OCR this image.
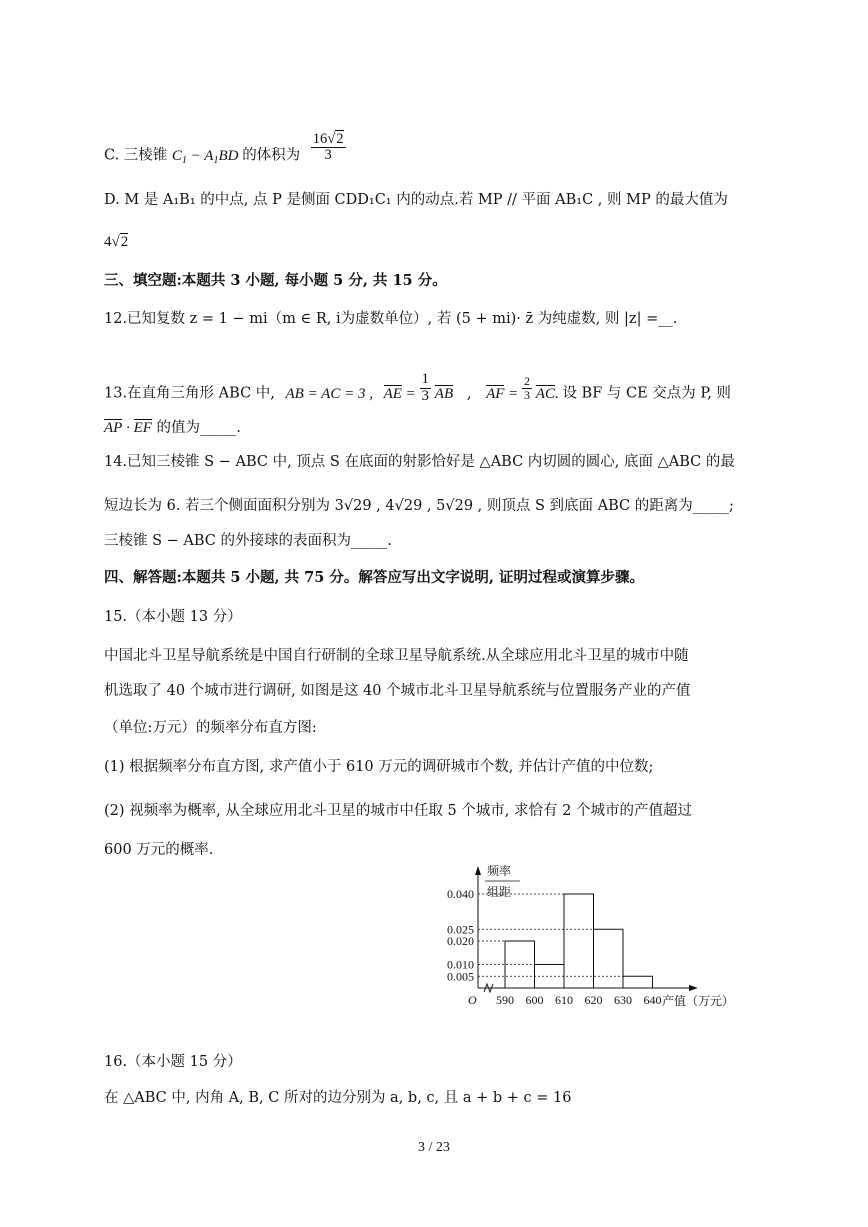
C. 三棱锥 $C_1 - A_1BD$ 的体积为 $\frac{16√2}{3}$
D. M 是 A₁B₁ 的中点, 点 P 是侧面 CDD₁C₁ 内的动点.若 MP // 平面 AB₁C , 则 MP 的最大值为
4√2
三、填空题:本题共 3 小题, 每小题 5 分, 共 15 分。
12.已知复数 z = 1 − mi（m ∈ R, i为虚数单位）, 若 (5 + mi)· z̄ 为纯虚数, 则 |z| =__.
13.在直角三角形 ABC 中, AB = AC = 3 , AE = $\frac{1}{3}$ AB , AF = $\frac{2}{3}$ AC. 设 BF 与 CE 交点为 P, 则
AP · EF 的值为_____.
14.已知三棱锥 S − ABC 中, 顶点 S 在底面的射影恰好是 △ABC 内切圆的圆心, 底面 △ABC 的最
短边长为 6. 若三个侧面面积分别为 3√29 , 4√29 , 5√29 , 则顶点 S 到底面 ABC 的距离为_____;
三棱锥 S − ABC 的外接球的表面积为_____.
四、解答题:本题共 5 小题, 共 75 分。解答应写出文字说明, 证明过程或演算步骤。
15.（本小题 13 分）
中国北斗卫星导航系统是中国自行研制的全球卫星导航系统.从全球应用北斗卫星的城市中随
机选取了 40 个城市进行调研, 如图是这 40 个城市北斗卫星导航系统与位置服务产业的产值
（单位:万元）的频率分布直方图:
(1) 根据频率分布直方图, 求产值小于 610 万元的调研城市个数, 并估计产值的中位数;
(2) 视频率为概率, 从全球应用北斗卫星的城市中任取 5 个城市, 求恰有 2 个城市的产值超过
600 万元的概率.
O
频率
组距
0.040
0.025
0.020
0.010
0.005
590 600 610 620 630 640 产值（万元）
16.（本小题 15 分）
在 △ABC 中, 内角 A, B, C 所对的边分别为 a, b, c, 且 a + b + c = 16
3 / 23
